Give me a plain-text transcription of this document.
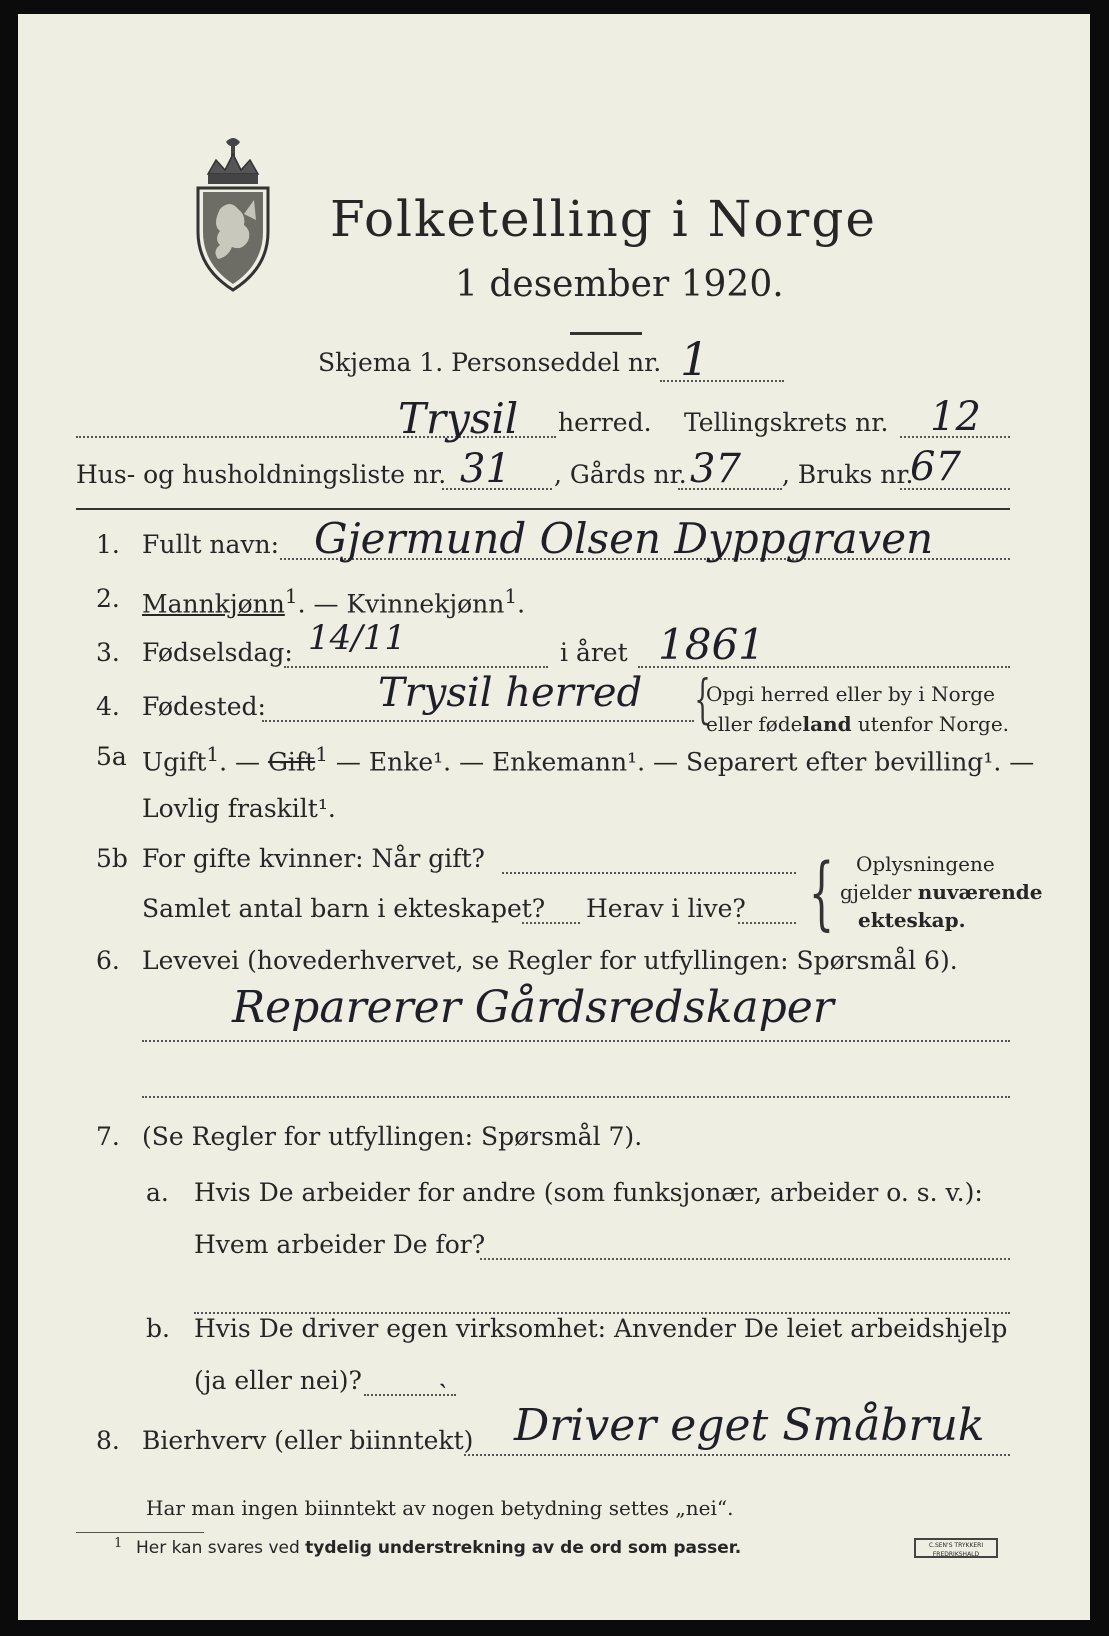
Folketelling i Norge
1 desember 1920.
Skjema 1. Personseddel nr. 1
Trysil herred. Tellingskrets nr. 12
Hus- og husholdningsliste nr. 31 , Gårds nr. 37 , Bruks nr.
67
1. Fullt navn: Gjermund Olsen Dyppgraven
2. Mannkjønn$^1$. — Kvinnekjønn$^1$.
3. Fødselsdag: 14/11	i året 1861
4. Fødested:	Trysil herred {
Opgi herred eller by i Norge
eller fødeland utenfor Norge.
5a Ugift$^1$. — Gift$^1$ — Enke¹. — Enkemann¹. — Separert efter bevilling¹. —
Lovlig fraskilt¹.
5b For gifte kvinner: Når gift?
Samlet antal barn i ekteskapet? Herav i live? { Oplysningene
gjelder nuværende
ekteskap.
6. Levevei (hovederhvervet, se Regler for utfyllingen: Spørsmål 6).
Reparerer Gårdsredskaper
7. (Se Regler for utfyllingen: Spørsmål 7).
a. Hvis De arbeider for andre (som funksjonær, arbeider o. s. v.):
Hvem arbeider De for?
b. Hvis De driver egen virksomhet: Anvender De leiet arbeidshjelp
(ja eller nei)?	ˎ
8. Bierhverv (eller biinntekt) Driver eget Småbruk
Har man ingen biinntekt av nogen betydning settes „nei“.
1 Her kan svares ved tydelig understrekning av de ord som passer.	C.SEN'S TRYKKERI FREDRIKSHALD
